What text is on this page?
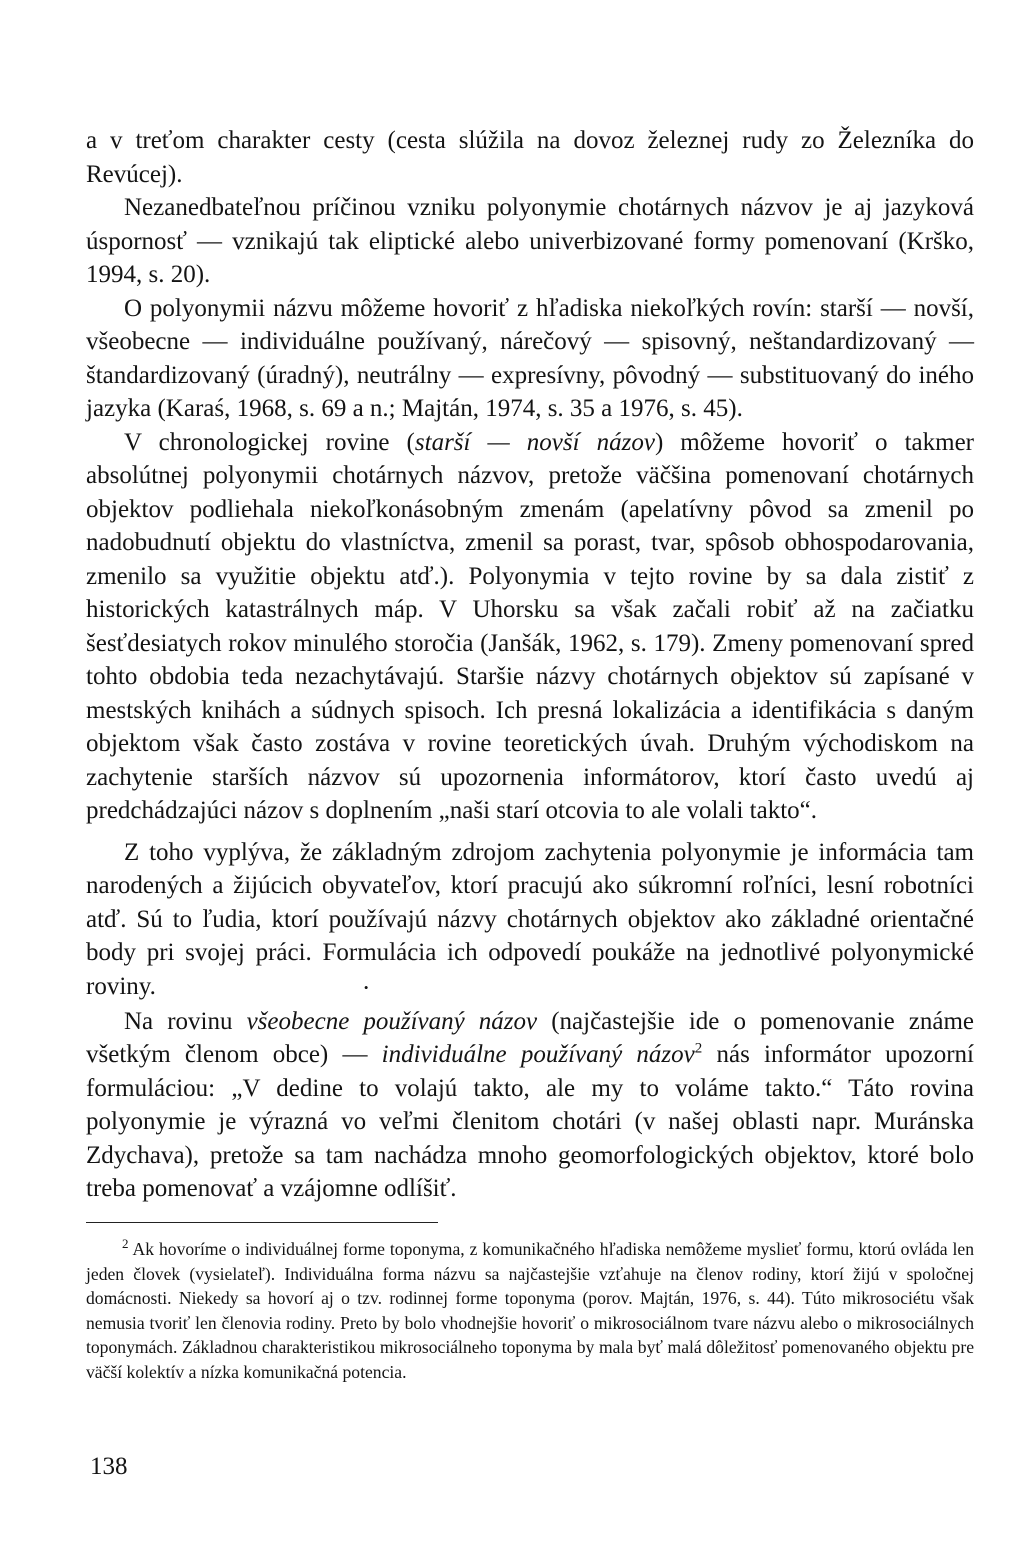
a v treťom charakter cesty (cesta slúžila na dovoz železnej rudy zo Železníka do Revúcej).

Nezanedbateľnou príčinou vzniku polyonymie chotárnych názvov je aj jazyková úspornosť — vznikajú tak eliptické alebo univerbizované formy pomenovaní (Krško, 1994, s. 20).

O polyonymii názvu môžeme hovoriť z hľadiska niekoľkých rovín: starší — novší, všeobecne — individuálne používaný, nárečový — spisovný, neštandardizovaný — štandardizovaný (úradný), neutrálny — expresívny, pôvodný — substituovaný do iného jazyka (Karaś, 1968, s. 69 a n.; Majtán, 1974, s. 35 a 1976, s. 45).

V chronologickej rovine (starší — novší názov) môžeme hovoriť o takmer absolútnej polyonymii chotárnych názvov, pretože väčšina pomenovaní chotárnych objektov podliehala niekoľkonásobným zmenám (apelatívny pôvod sa zmenil po nadobudnutí objektu do vlastníctva, zmenil sa porast, tvar, spôsob obhospodarovania, zmenilo sa využitie objektu atď.). Polyonymia v tejto rovine by sa dala zistiť z historických katastrálnych máp. V Uhorsku sa však začali robiť až na začiatku šesťdesiatych rokov minulého storočia (Janšák, 1962, s. 179). Zmeny pomenovaní spred tohto obdobia teda nezachytávajú. Staršie názvy chotárnych objektov sú zapísané v mestských knihách a súdnych spisoch. Ich presná lokalizácia a identifikácia s daným objektom však často zostáva v rovine teoretických úvah. Druhým východiskom na zachytenie starších názvov sú upozornenia informátorov, ktorí často uvedú aj predchádzajúci názov s doplnením „naši starí otcovia to ale volali takto“.

Z toho vyplýva, že základným zdrojom zachytenia polyonymie je informácia tam narodených a žijúcich obyvateľov, ktorí pracujú ako súkromní roľníci, lesní robotníci atď. Sú to ľudia, ktorí používajú názvy chotárnych objektov ako základné orientačné body pri svojej práci. Formulácia ich odpovedí poukáže na jednotlivé polyonymické roviny.	•

Na rovinu všeobecne používaný názov (najčastejšie ide o pomenovanie známe všetkým členom obce) — individuálne používaný názov$^2$ nás informátor upozorní formuláciou: „V dedine to volajú takto, ale my to voláme takto.“ Táto rovina polyonymie je výrazná vo veľmi členitom chotári (v našej oblasti napr. Muránska Zdychava), pretože sa tam nachádza mnoho geomorfologických objektov, ktoré bolo treba pomenovať a vzájomne odlíšiť.

$^2$ Ak hovoríme o individuálnej forme toponyma, z komunikačného hľadiska nemôžeme myslieť formu, ktorú ovláda len jeden človek (vysielateľ). Individuálna forma názvu sa najčastejšie vzťahuje na členov rodiny, ktorí žijú v spoločnej domácnosti. Niekedy sa hovorí aj o tzv. rodinnej forme toponyma (porov. Majtán, 1976, s. 44). Túto mikrosociétu však nemusia tvoriť len členovia rodiny. Preto by bolo vhodnejšie hovoriť o mikrosociálnom tvare názvu alebo o mikrosociálnych toponymách. Základnou charakteristikou mikrosociálneho toponyma by mala byť malá dôležitosť pomenovaného objektu pre väčší kolektív a nízka komunikačná potencia.

138
